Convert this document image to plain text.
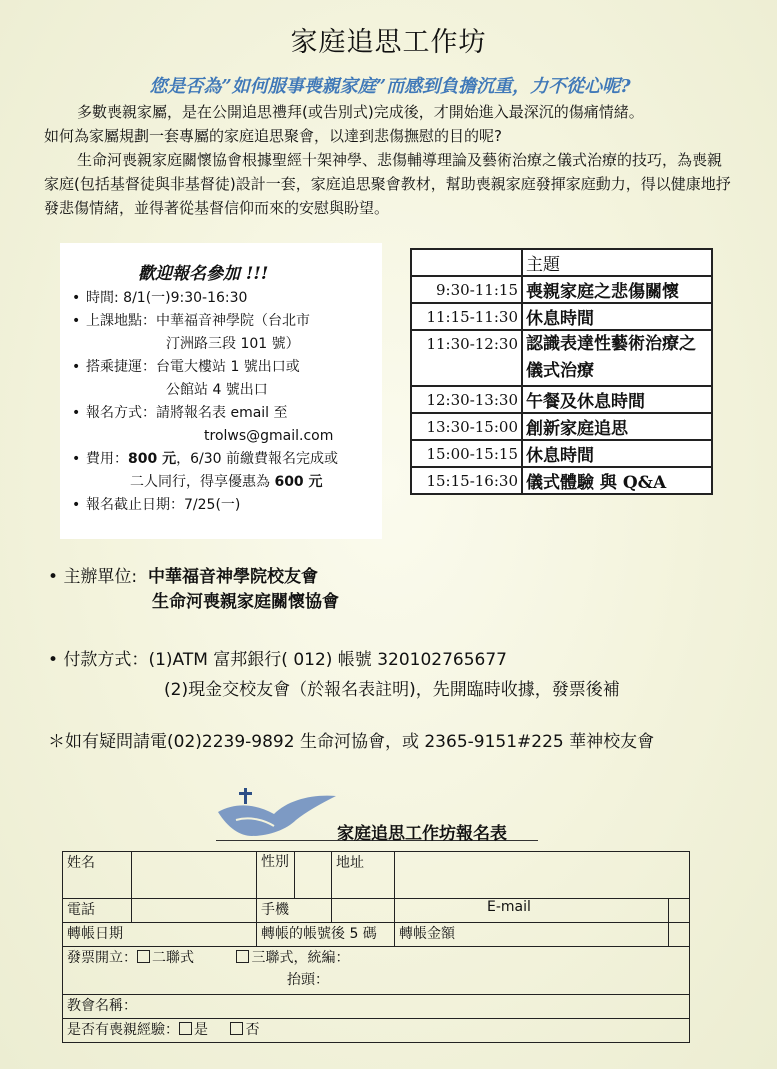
家庭追思工作坊
您是否為”如何服事喪親家庭”而感到負擔沉重，力不從心呢?

多數喪親家屬，是在公開追思禮拜(或告別式)完成後，才開始進入最深沉的傷痛情緒。

如何為家屬規劃一套專屬的家庭追思聚會，以達到悲傷撫慰的目的呢?

生命河喪親家庭關懷協會根據聖經十架神學、悲傷輔導理論及藝術治療之儀式治療的技巧，為喪親家庭(包括基督徒與非基督徒)設計一套，家庭追思聚會教材，幫助喪親家庭發揮家庭動力，得以健康地抒發悲傷情緒，並得著從基督信仰而來的安慰與盼望。

歡迎報名參加 !!!
• 時間: 8/1(一)9:30-16:30
• 上課地點：中華福音神學院（台北市
汀洲路三段 101 號）
• 搭乘捷運：台電大樓站 1 號出口或
公館站 4 號出口
• 報名方式：請將報名表 email 至
trolws@gmail.com
• 費用：800 元，6/30 前繳費報名完成或
二人同行，得享優惠為 600 元
• 報名截止日期：7/25(一)
	主題
9:30-11:15	喪親家庭之悲傷關懷
11:15-11:30	休息時間
11:30-12:30	認識表達性藝術治療之儀式治療
12:30-13:30	午餐及休息時間
13:30-15:00	創新家庭追思
15:00-15:15	休息時間
15:15-16:30	儀式體驗 與 Q&A
• 主辦單位: 中華福音神學院校友會
生命河喪親家庭關懷協會
• 付款方式：(1)ATM 富邦銀行( 012) 帳號 320102765677
(2)現金交校友會（於報名表註明)，先開臨時收據，發票後補
＊如有疑問請電(02)2239-9892 生命河協會，或 2365-9151#225 華神校友會
家庭追思工作坊報名表
姓名		性別		地址		
電話		手機			E-mail	
轉帳日期		轉帳的帳號後 5 碼			轉帳金額	
發票開立： 二聯式 三聯式，統編：
抬頭：						

教會名稱：						
是否有喪親經驗： 是 否						
